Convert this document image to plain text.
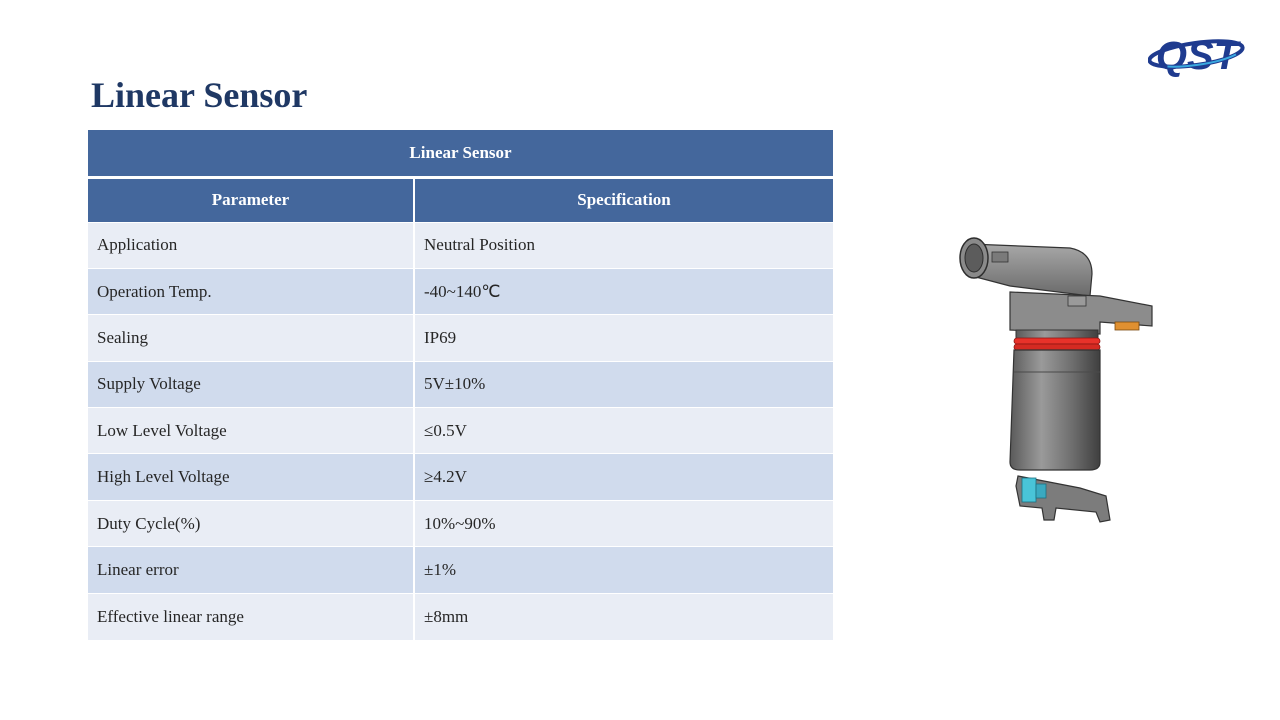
Linear Sensor
QST
Linear Sensor	
Parameter	Specification
Application	Neutral Position
Operation Temp.	-40~140℃
Sealing	IP69
Supply Voltage	5V±10%
Low Level Voltage	≤0.5V
High Level Voltage	≥4.2V
Duty Cycle(%)	10%~90%
Linear error	±1%
Effective linear range	±8mm
